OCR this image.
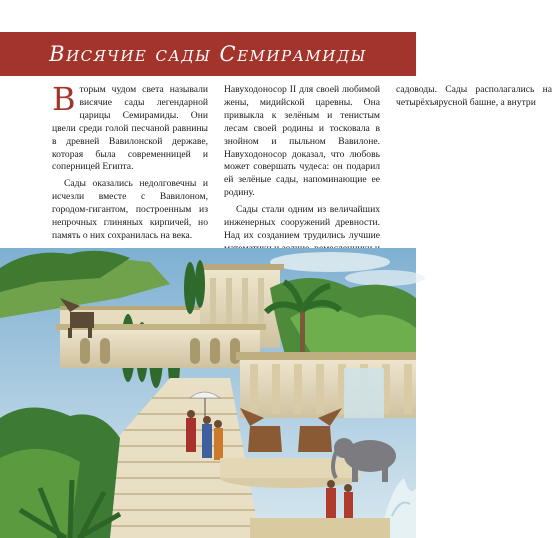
Висячие сады Семирамиды

Вторым чудом света называли висячие сады легендарной царицы Семирамиды. Они цвели среди голой песчаной равнины в древней Вавилонской державе, которая была современницей и соперницей Египта.

Сады оказались недолговечны и исчезли вместе с Вавилоном, городом-гигантом, построенным из непрочных глиняных кирпичей, но память о них сохранилась на века.

Навуходоносор II для своей любимой жены, мидийской царевны. Она привыкла к зелёным и тенистым лесам своей родины и тосковала в знойном и пыльном Вавилоне. Навуходоносор доказал, что любовь может совершать чудеса: он подарил ей зелёные сады, напоминающие ее родину.

Сады стали одним из величайших инженерных сооружений древности. Над их созданием трудились лучшие садоводы. Сады располагались на четырёхъярусной башне, а внутри
